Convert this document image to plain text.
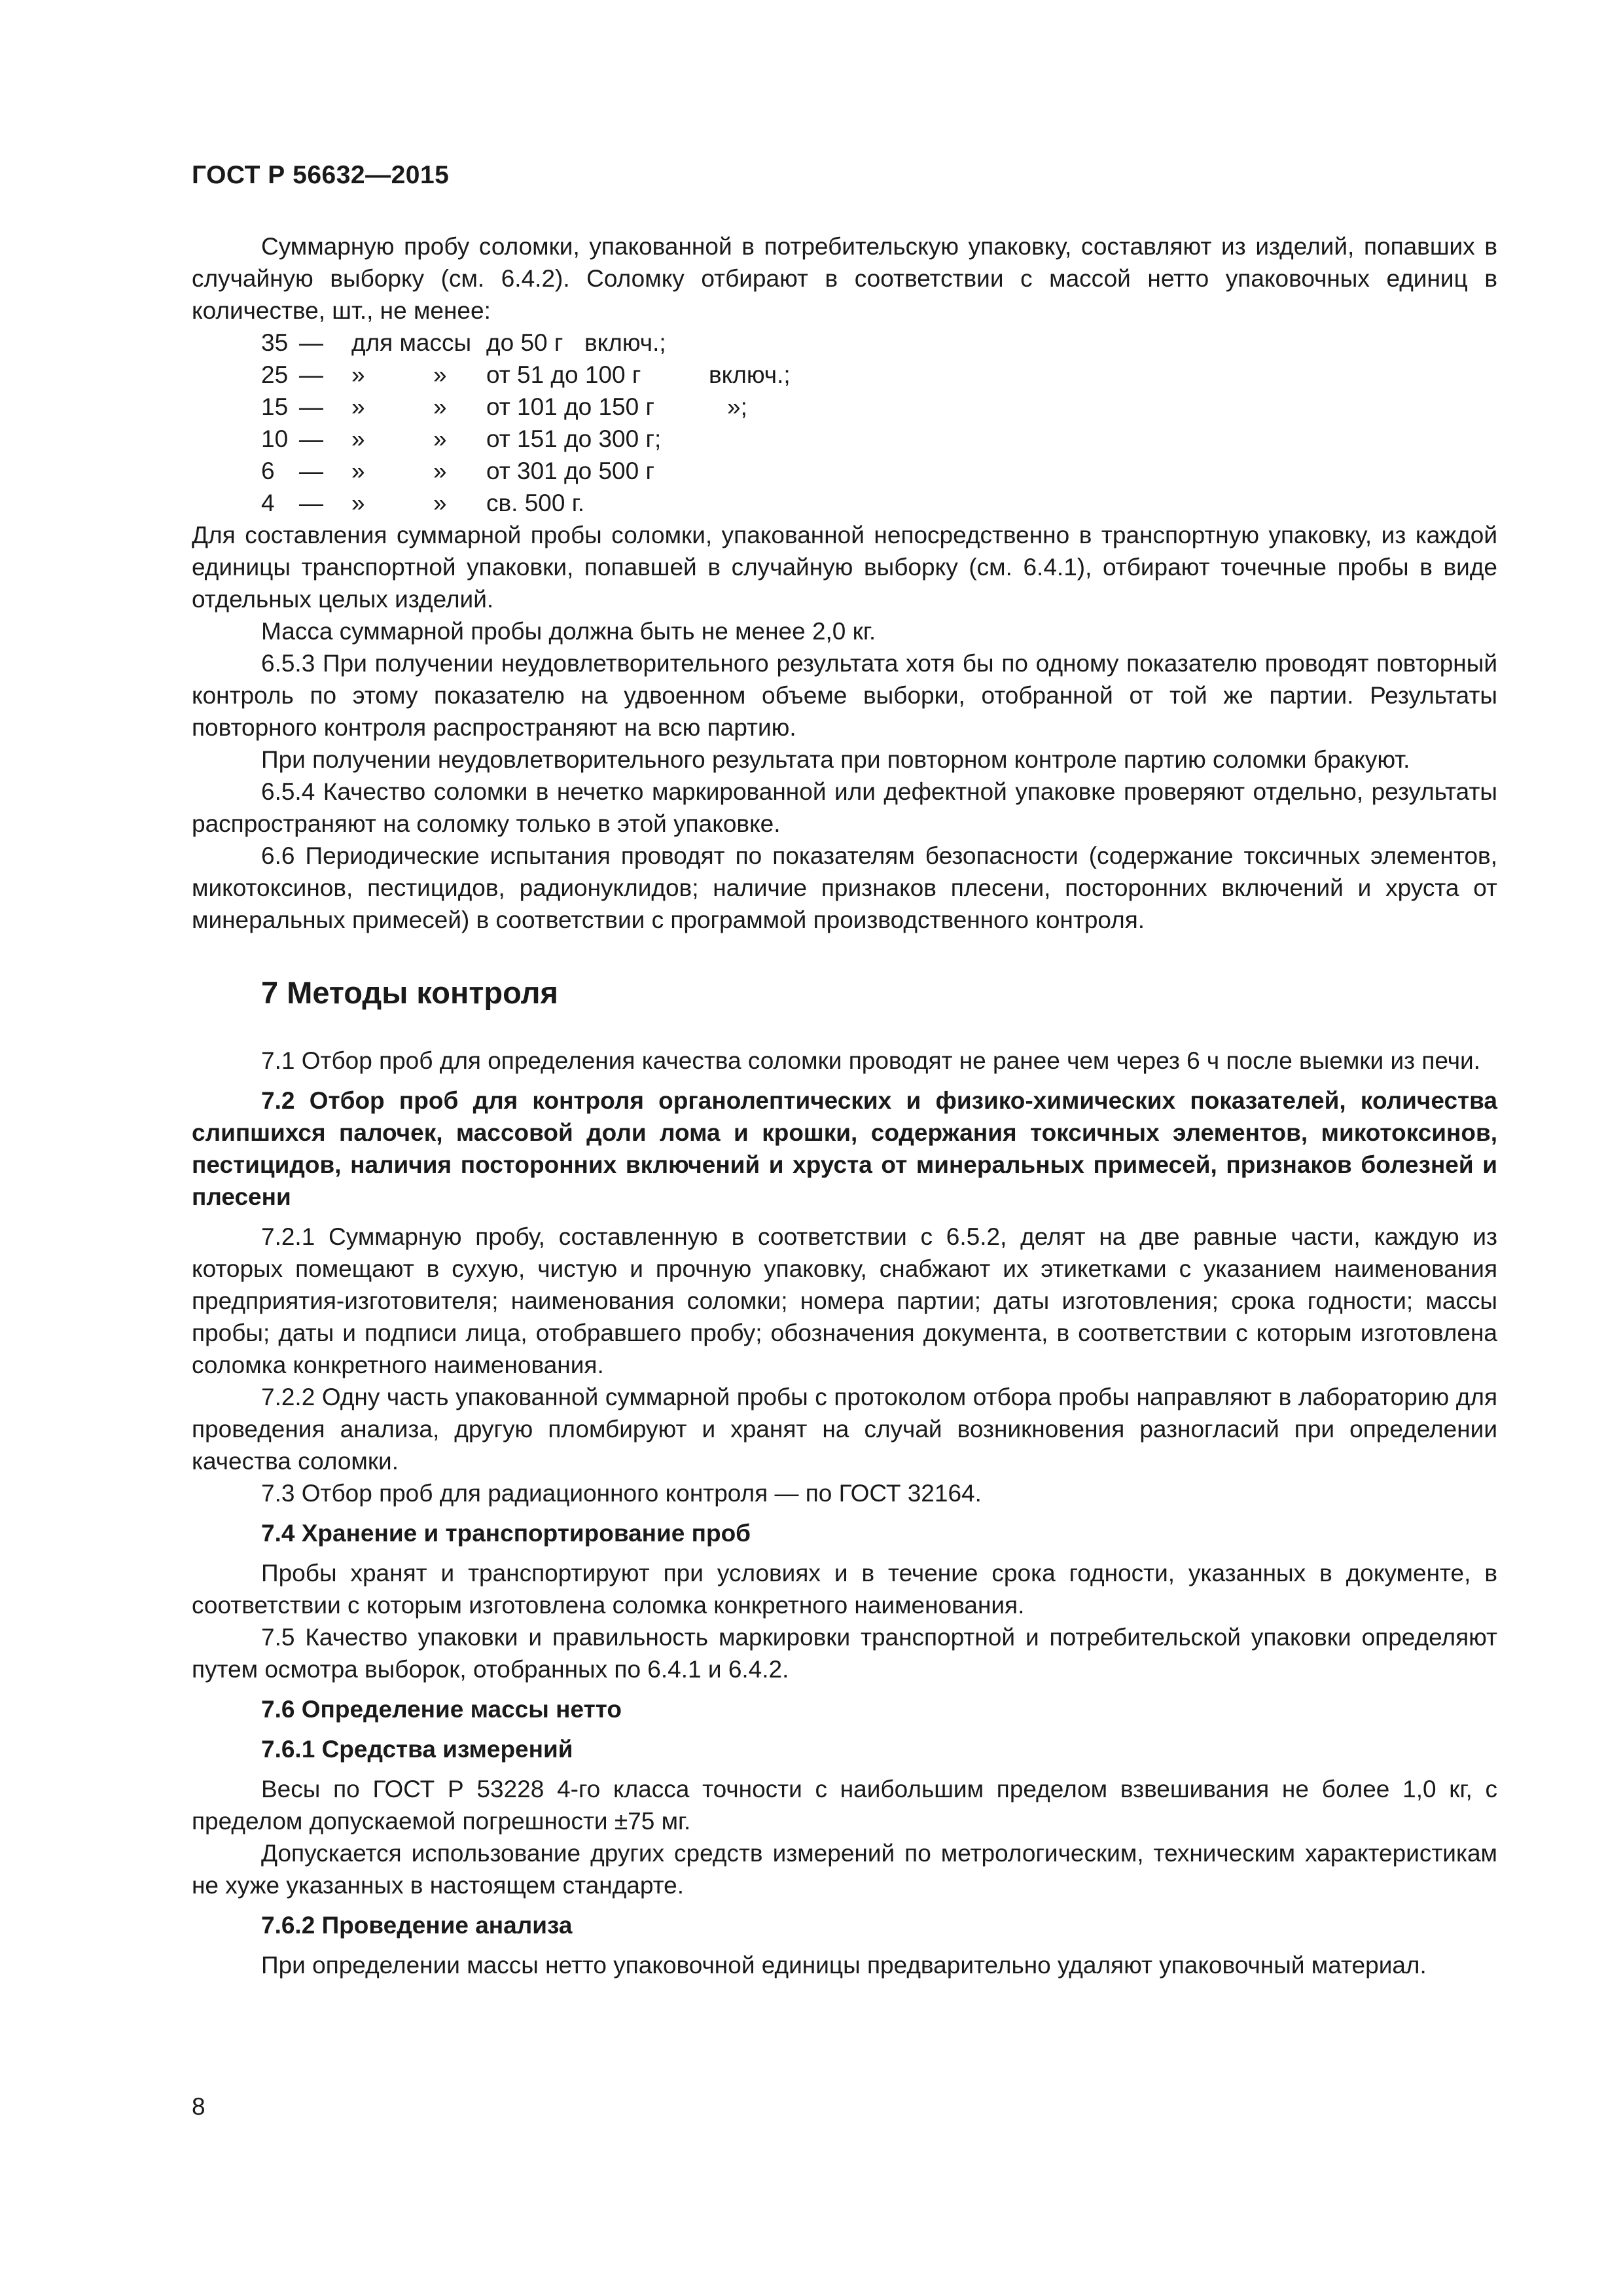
ГОСТ Р 56632—2015

Суммарную пробу соломки, упакованной в потребительскую упаковку, составляют из изделий, попавших в случайную выборку (см. 6.4.2). Соломку отбирают в соответствии с массой нетто упаковочных единиц в количестве, шт., не менее:

35 —	для массы до 50 г включ.;
25 —	»	»	от 51 до 100 г	включ.;
15 —	»	»	от 101 до 150 г	»;
10 —	»	»	от 151 до 300 г;
6	—	»	»	от 301 до 500 г
4	—	»	»	св. 500 г.

Для составления суммарной пробы соломки, упакованной непосредственно в транспортную упаковку, из каждой единицы транспортной упаковки, попавшей в случайную выборку (см. 6.4.1), отбирают точечные пробы в виде отдельных целых изделий.

Масса суммарной пробы должна быть не менее 2,0 кг.

6.5.3 При получении неудовлетворительного результата хотя бы по одному показателю проводят повторный контроль по этому показателю на удвоенном объеме выборки, отобранной от той же партии. Результаты повторного контроля распространяют на всю партию.

При получении неудовлетворительного результата при повторном контроле партию соломки бракуют.

6.5.4 Качество соломки в нечетко маркированной или дефектной упаковке проверяют отдельно, результаты распространяют на соломку только в этой упаковке.

6.6 Периодические испытания проводят по показателям безопасности (содержание токсичных элементов, микотоксинов, пестицидов, радионуклидов; наличие признаков плесени, посторонних включений и хруста от минеральных примесей) в соответствии с программой производственного контроля.

7 Методы контроля

7.1 Отбор проб для определения качества соломки проводят не ранее чем через 6 ч после выемки из печи.

7.2 Отбор проб для контроля органолептических и физико-химических показателей, количества слипшихся палочек, массовой доли лома и крошки, содержания токсичных элементов, микотоксинов, пестицидов, наличия посторонних включений и хруста от минеральных примесей, признаков болезней и плесени

7.2.1 Суммарную пробу, составленную в соответствии с 6.5.2, делят на две равные части, каждую из которых помещают в сухую, чистую и прочную упаковку, снабжают их этикетками с указанием наименования предприятия-изготовителя; наименования соломки; номера партии; даты изготовления; срока годности; массы пробы; даты и подписи лица, отобравшего пробу; обозначения документа, в соответствии с которым изготовлена соломка конкретного наименования.

7.2.2 Одну часть упакованной суммарной пробы с протоколом отбора пробы направляют в лабораторию для проведения анализа, другую пломбируют и хранят на случай возникновения разногласий при определении качества соломки.

7.3 Отбор проб для радиационного контроля — по ГОСТ 32164.

7.4 Хранение и транспортирование проб

Пробы хранят и транспортируют при условиях и в течение срока годности, указанных в документе, в соответствии с которым изготовлена соломка конкретного наименования.

7.5 Качество упаковки и правильность маркировки транспортной и потребительской упаковки определяют путем осмотра выборок, отобранных по 6.4.1 и 6.4.2.

7.6 Определение массы нетто

7.6.1 Средства измерений

Весы по ГОСТ Р 53228 4-го класса точности с наибольшим пределом взвешивания не более 1,0 кг, с пределом допускаемой погрешности ±75 мг.

Допускается использование других средств измерений по метрологическим, техническим характеристикам не хуже указанных в настоящем стандарте.

7.6.2 Проведение анализа

При определении массы нетто упаковочной единицы предварительно удаляют упаковочный материал.

8
